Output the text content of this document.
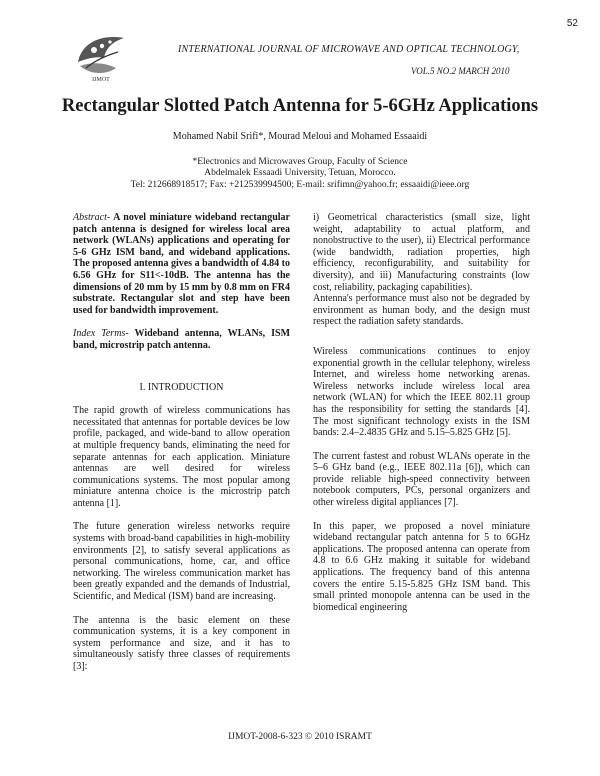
52
IJMOT
INTERNATIONAL JOURNAL OF MICROWAVE AND OPTICAL TECHNOLOGY,
VOL.5 NO.2 MARCH 2010
Rectangular Slotted Patch Antenna for 5-6GHz Applications
Mohamed Nabil Srifi*, Mourad Meloui and Mohamed Essaaidi
*Electronics and Microwaves Group, Faculty of Science
Abdelmalek Essaadi University, Tetuan, Morocco.
Tel: 212668918517; Fax: +212539994500; E-mail: srifimn@yahoo.fr; essaaidi@ieee.org

Abstract- A novel miniature wideband rectangular patch antenna is designed for wireless local area network (WLANs) applications and operating for 5-6 GHz ISM band, and wideband applications. The proposed antenna gives a bandwidth of 4.84 to 6.56 GHz for S11<-10dB. The antenna has the dimensions of 20 mm by 15 mm by 0.8 mm on FR4 substrate. Rectangular slot and step have been used for bandwidth improvement.

Index Terms- Wideband antenna, WLANs, ISM band, microstrip patch antenna.

I. INTRODUCTION

The rapid growth of wireless communications has necessitated that antennas for portable devices be low profile, packaged, and wide-band to allow operation at multiple frequency bands, eliminating the need for separate antennas for each application. Miniature antennas are well desired for wireless communications systems. The most popular among miniature antenna choice is the microstrip patch antenna [1].

The future generation wireless networks require systems with broad-band capabilities in high-mobility environments [2], to satisfy several applications as personal communications, home, car, and office networking. The wireless communication market has been greatly expanded and the demands of Industrial, Scientific, and Medical (ISM) band are increasing.

The antenna is the basic element on these communication systems, it is a key component in system performance and size, and it has to simultaneously satisfy three classes of requirements [3]:

i) Geometrical characteristics (small size, light weight, adaptability to actual platform, and nonobstructive to the user), ii) Electrical performance (wide bandwidth, radiation properties, high efficiency, reconfigurability, and suitability for diversity), and iii) Manufacturing constraints (low cost, reliability, packaging capabilities).

Antenna's performance must also not be degraded by environment as human body, and the design must respect the radiation safety standards.

Wireless communications continues to enjoy exponential growth in the cellular telephony, wireless Internet, and wireless home networking arenas. Wireless networks include wireless local area network (WLAN) for which the IEEE 802.11 group has the responsibility for setting the standards [4]. The most significant technology exists in the ISM bands: 2.4–2.4835 GHz and 5.15–5.825 GHz [5].

The current fastest and robust WLANs operate in the 5–6 GHz band (e.g., IEEE 802.11a [6]), which can provide reliable high-speed connectivity between notebook computers, PCs, personal organizers and other wireless digital appliances [7].

In this paper, we proposed a novel miniature wideband rectangular patch antenna for 5 to 6GHz applications. The proposed antenna can operate from 4.8 to 6.6 GHz making it suitable for wideband applications. The frequency band of this antenna covers the entire 5.15-5.825 GHz ISM band. This small printed monopole antenna can be used in the biomedical engineering

IJMOT-2008-6-323 © 2010 ISRAMT
